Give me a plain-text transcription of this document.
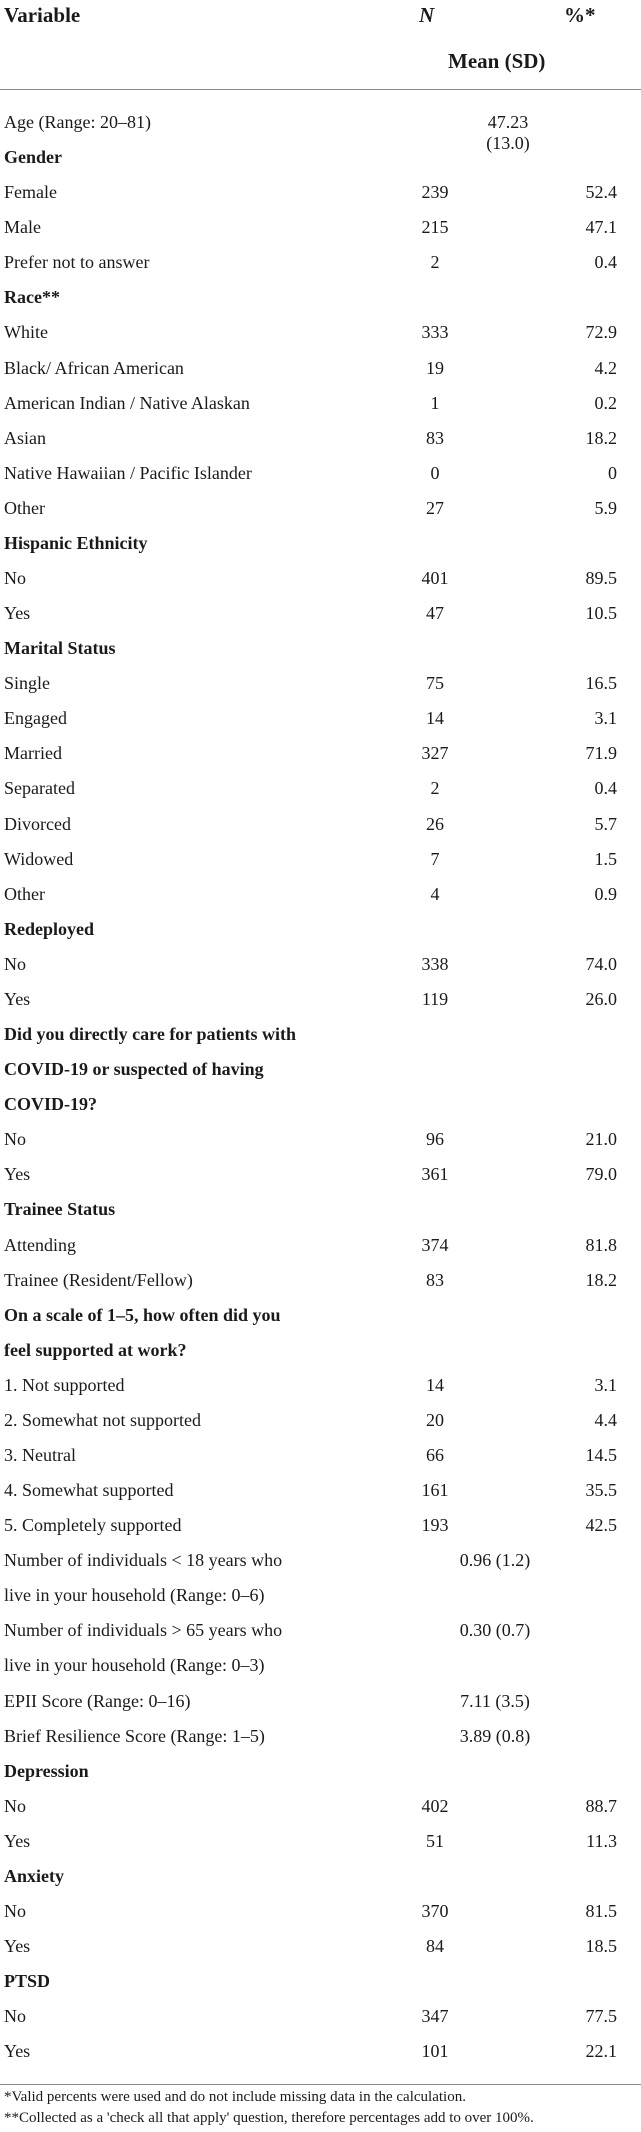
Variable	N	%*
Mean (SD)
Age (Range: 20–81)	47.23 (13.0)
Gender
Female	239	52.4
Male	215	47.1
Prefer not to answer	2	0.4
Race**
White	333	72.9
Black/ African American	19	4.2
American Indian / Native Alaskan	1	0.2
Asian	83	18.2
Native Hawaiian / Pacific Islander	0	0
Other	27	5.9
Hispanic Ethnicity
No	401	89.5
Yes	47	10.5
Marital Status
Single	75	16.5
Engaged	14	3.1
Married	327	71.9
Separated	2	0.4
Divorced	26	5.7
Widowed	7	1.5
Other	4	0.9
Redeployed
No	338	74.0
Yes	119	26.0
Did you directly care for patients with
COVID-19 or suspected of having
COVID-19?
No	96	21.0
Yes	361	79.0
Trainee Status
Attending	374	81.8
Trainee (Resident/Fellow)	83	18.2
On a scale of 1–5, how often did you
feel supported at work?
1. Not supported	14	3.1
2. Somewhat not supported	20	4.4
3. Neutral	66	14.5
4. Somewhat supported	161	35.5
5. Completely supported	193	42.5
Number of individuals < 18 years who	0.96 (1.2)
live in your household (Range: 0–6)
Number of individuals > 65 years who	0.30 (0.7)
live in your household (Range: 0–3)
EPII Score (Range: 0–16)	7.11 (3.5)
Brief Resilience Score (Range: 1–5)	3.89 (0.8)
Depression
No	402	88.7
Yes	51	11.3
Anxiety
No	370	81.5
Yes	84	18.5
PTSD
No	347	77.5
Yes	101	22.1
*Valid percents were used and do not include missing data in the calculation.
**Collected as a 'check all that apply' question, therefore percentages add to over 100%.
